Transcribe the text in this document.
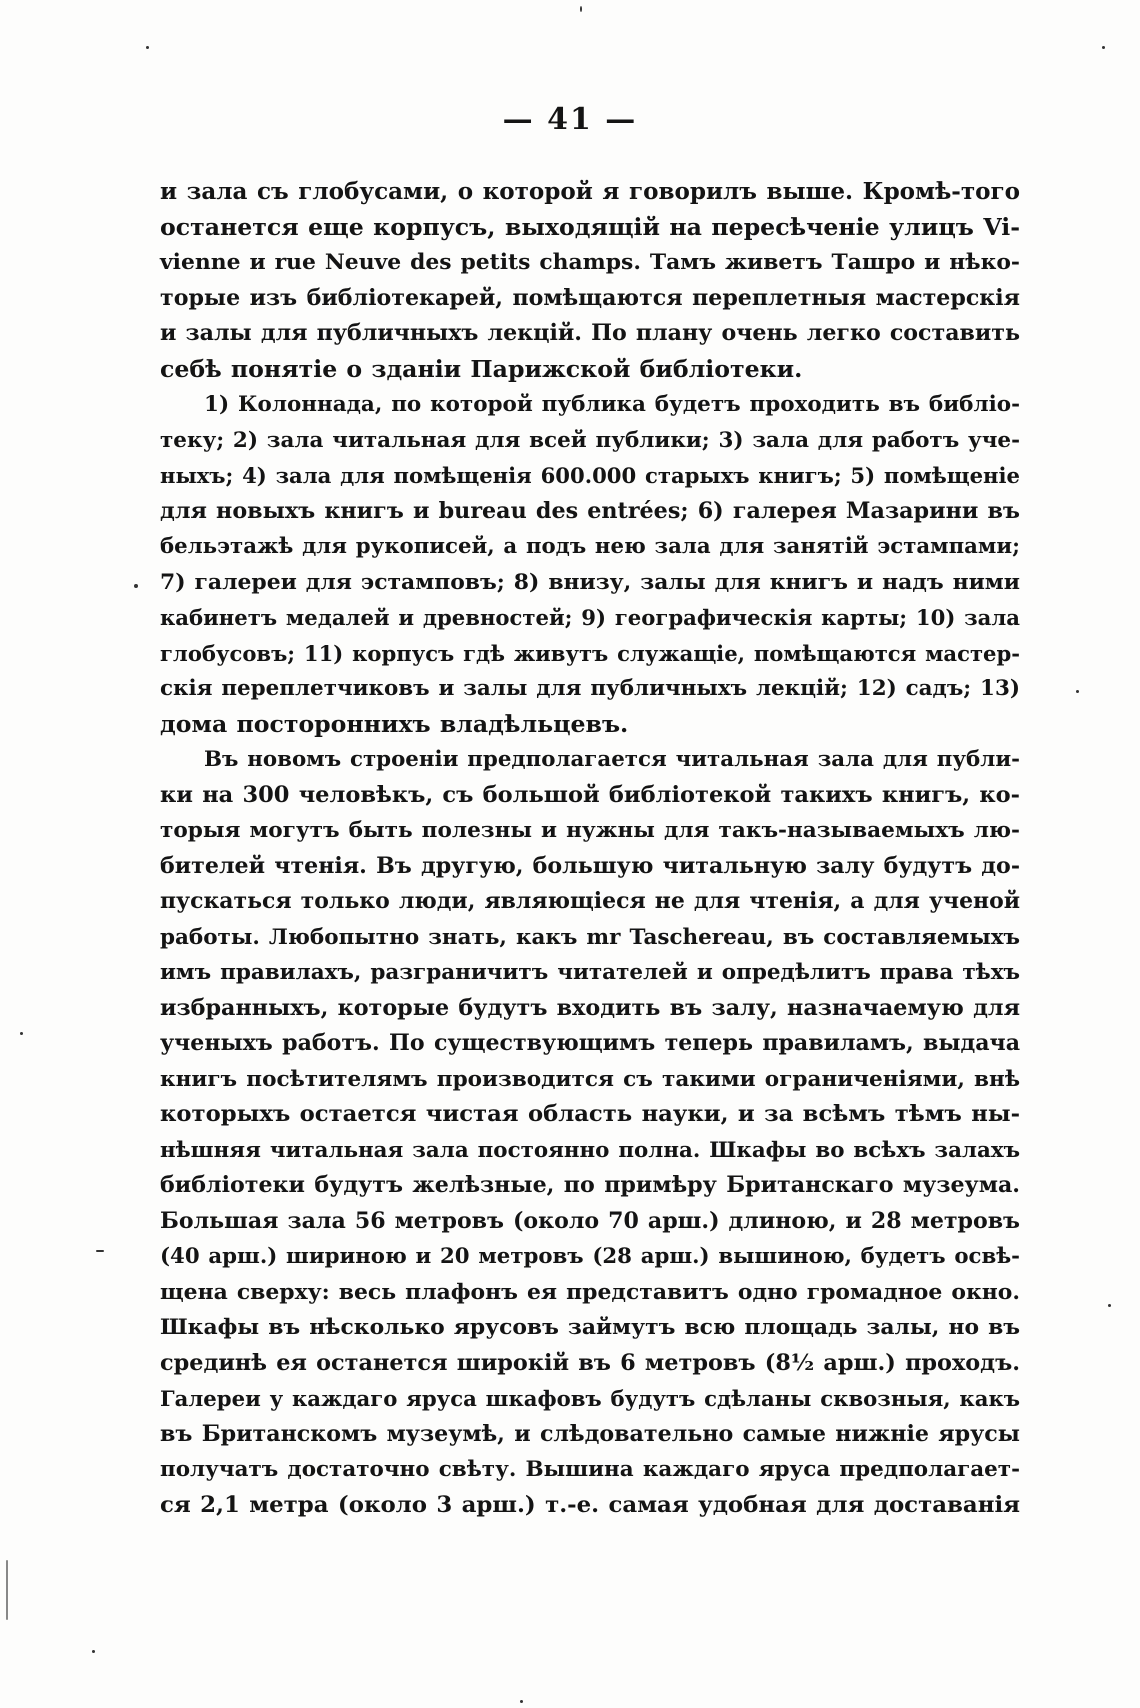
— 41 —

и зала съ глобусами, о которой я говорилъ выше. Кромѣ-того
останется еще корпусъ, выходящій на пересѣченіе улицъ Vi-
vienne и rue Neuve des petits champs. Тамъ живетъ Ташро и нѣко-
торые изъ библіотекарей, помѣщаются переплетныя мастерскія
и залы для публичныхъ лекцій. По плану очень легко составить
себѣ понятіе о зданіи Парижской библіотеки.

1) Колоннада, по которой публика будетъ проходить въ библіо-
теку; 2) зала читальная для всей публики; 3) зала для работъ уче-
ныхъ; 4) зала для помѣщенія 600.000 старыхъ книгъ; 5) помѣщеніе
для новыхъ книгъ и bureau des entrées; 6) галерея Мазарини въ
бельэтажѣ для рукописей, а подъ нею зала для занятій эстампами;
7) галереи для эстамповъ; 8) внизу, залы для книгъ и надъ ними
кабинетъ медалей и древностей; 9) географическія карты; 10) зала
глобусовъ; 11) корпусъ гдѣ живутъ служащіе, помѣщаются мастер-
скія переплетчиковъ и залы для публичныхъ лекцій; 12) садъ; 13)
дома постороннихъ владѣльцевъ.

Въ новомъ строеніи предполагается читальная зала для публи-
ки на 300 человѣкъ, съ большой библіотекой такихъ книгъ, ко-
торыя могутъ быть полезны и нужны для такъ-называемыхъ лю-
бителей чтенія. Въ другую, большую читальную залу будутъ до-
пускаться только люди, являющіеся не для чтенія, а для ученой
работы. Любопытно знать, какъ mr Taschereau, въ составляемыхъ
имъ правилахъ, разграничитъ читателей и опредѣлитъ права тѣхъ
избранныхъ, которые будутъ входить въ залу, назначаемую для
ученыхъ работъ. По существующимъ теперь правиламъ, выдача
книгъ посѣтителямъ производится съ такими ограниченіями, внѣ
которыхъ остается чистая область науки, и за всѣмъ тѣмъ ны-
нѣшняя читальная зала постоянно полна. Шкафы во всѣхъ залахъ
библіотеки будутъ желѣзные, по примѣру Британскаго музеума.
Большая зала 56 метровъ (около 70 арш.) длиною, и 28 метровъ
(40 арш.) шириною и 20 метровъ (28 арш.) вышиною, будетъ освѣ-
щена сверху: весь плафонъ ея представитъ одно громадное окно.
Шкафы въ нѣсколько ярусовъ займутъ всю площадь залы, но въ
срединѣ ея останется широкій въ 6 метровъ (8½ арш.) проходъ.
Галереи у каждаго яруса шкафовъ будутъ сдѣланы сквозныя, какъ
въ Британскомъ музеумѣ, и слѣдовательно самые нижніе ярусы
получатъ достаточно свѣту. Вышина каждаго яруса предполагает-
ся 2,1 метра (около 3 арш.) т.-е. самая удобная для доставанія
